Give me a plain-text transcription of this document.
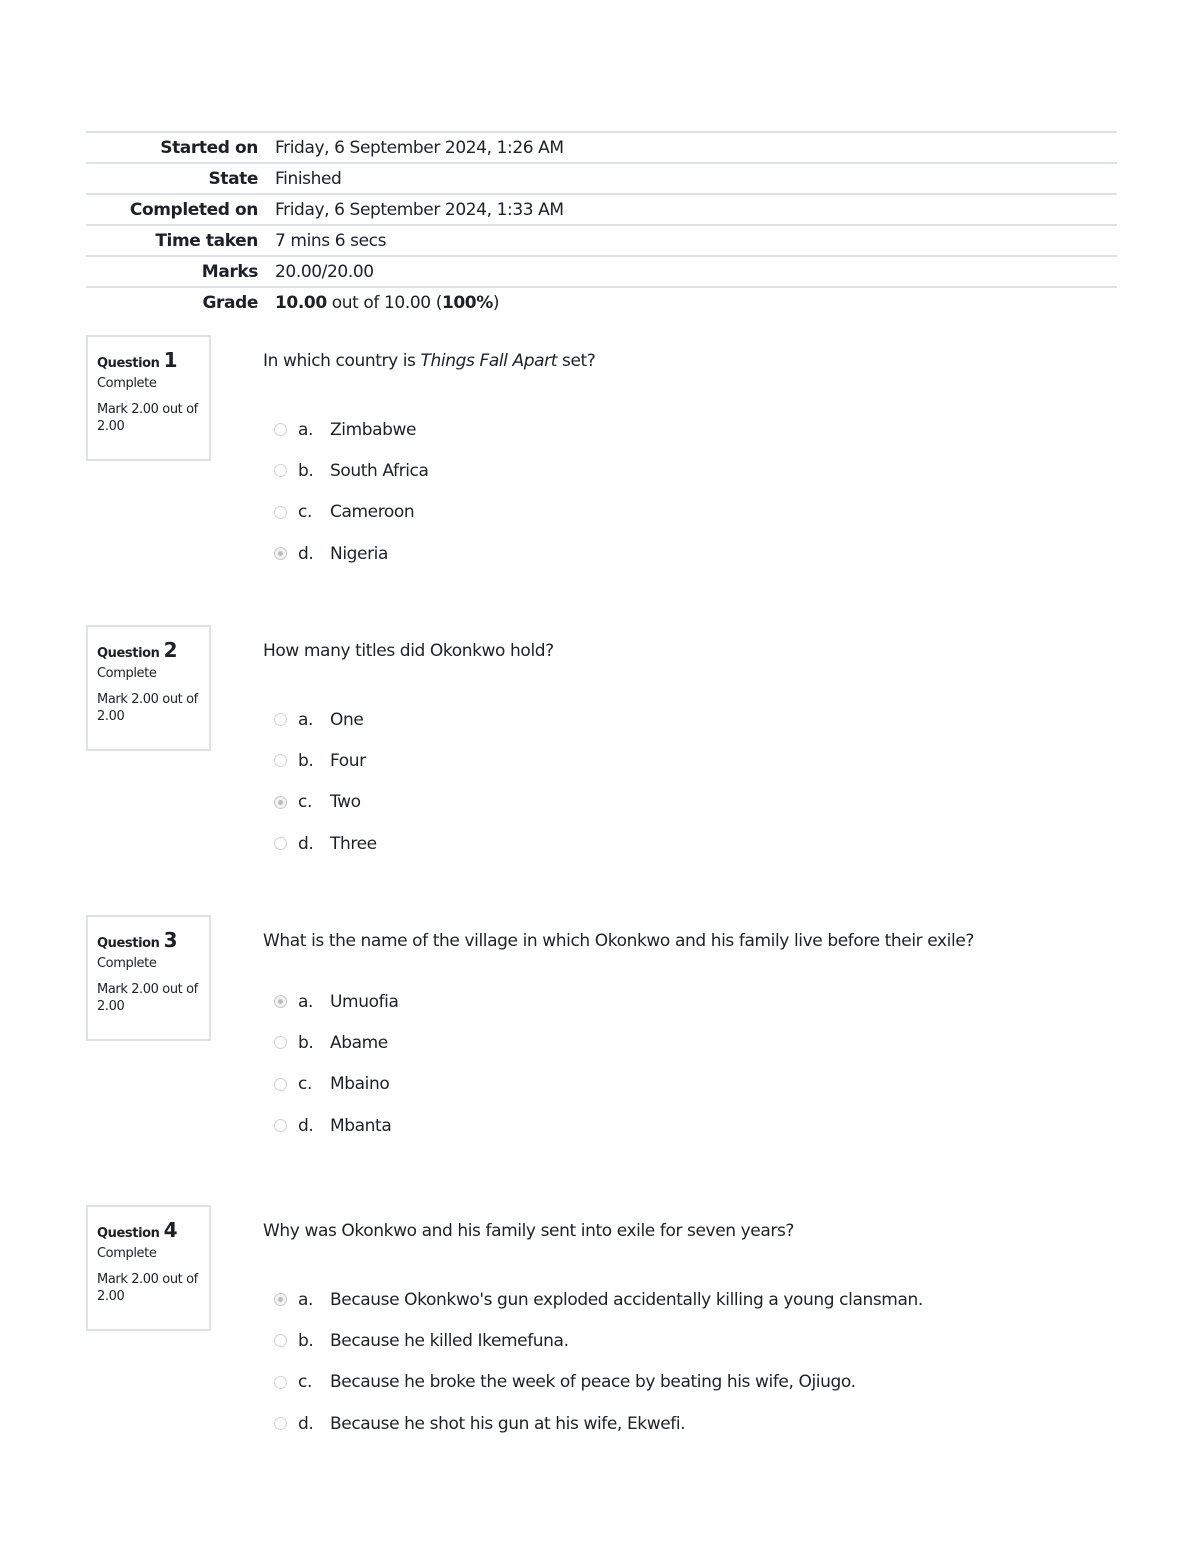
Started on	Friday, 6 September 2024, 1:26 AM
State	Finished
Completed on	Friday, 6 September 2024, 1:33 AM
Time taken	7 mins 6 secs
Marks	20.00/20.00
Grade	10.00 out of 10.00 (100%)
Question 1
Complete
Mark 2.00 out of 2.00
In which country is Things Fall Apart set?
a. Zimbabwe
b. South Africa
c.	Cameroon
d. Nigeria
Question 2
Complete
Mark 2.00 out of 2.00
How many titles did Okonkwo hold?
a. One
b. Four
c.	Two
d. Three
Question 3
Complete
Mark 2.00 out of 2.00
What is the name of the village in which Okonkwo and his family live before their exile?
a. Umuofia
b. Abame
c.	Mbaino
d. Mbanta
Question 4
Complete
Mark 2.00 out of 2.00
Why was Okonkwo and his family sent into exile for seven years?
a. Because Okonkwo's gun exploded accidentally killing a young clansman.
b. Because he killed Ikemefuna.
c.	Because he broke the week of peace by beating his wife, Ojiugo.
d. Because he shot his gun at his wife, Ekwefi.
